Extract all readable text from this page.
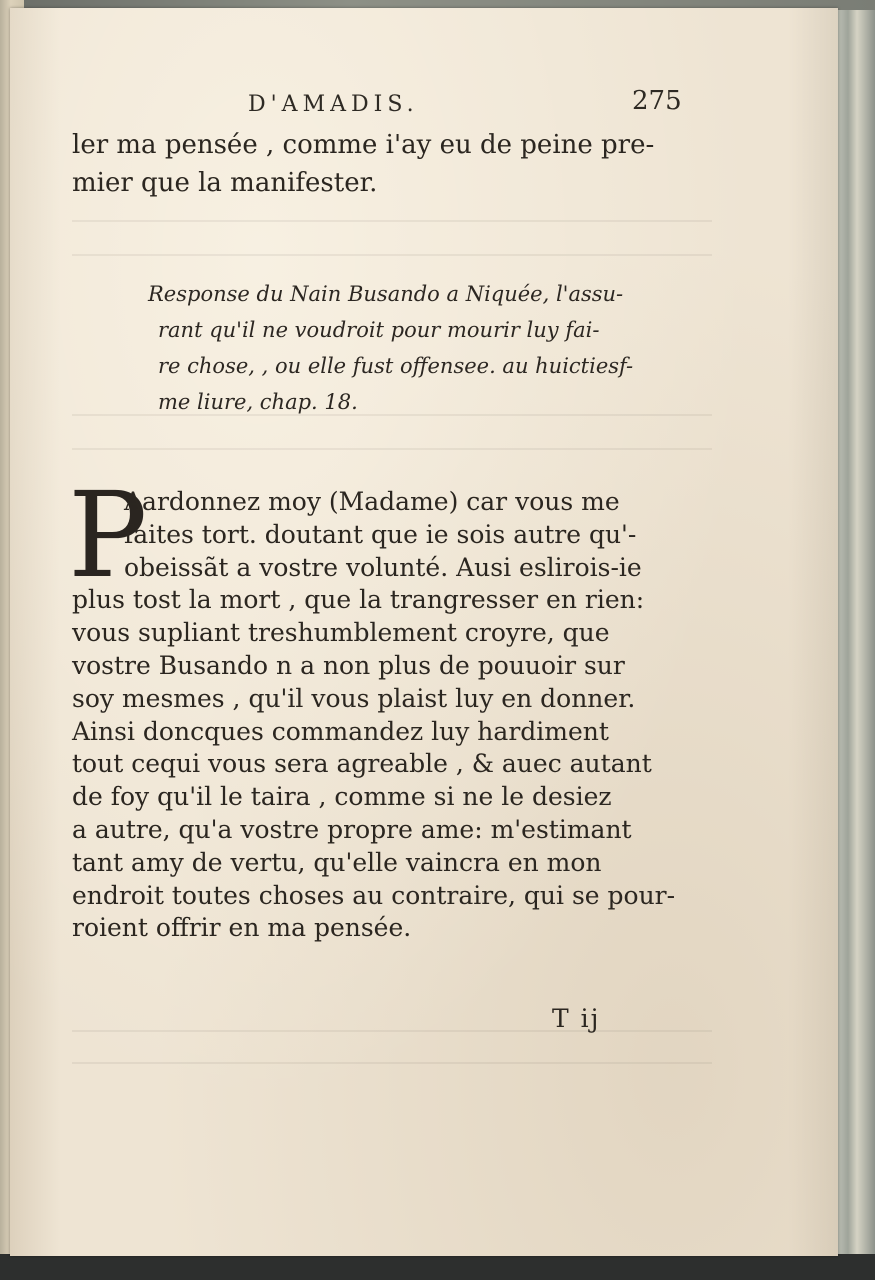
D'AMADIS.	275
ler ma pensée , comme i'ay eu de peine pre-
mier que la manifester.
Response du Nain Busando a Niquée, l'assu-
rant qu'il ne voudroit pour mourir luy fai-
re chose, , ou elle fust offensee. au huictiesf-
me liure, chap. 18.
P
Aardonnez moy (Madame) car vous me
faites tort. doutant que ie sois autre qu'-
obeissãt a vostre volunté. Ausi eslirois-ie
plus tost la mort , que la trangresser en rien:
vous supliant treshumblement croyre, que
vostre Busando n a non plus de pouuoir sur
soy mesmes , qu'il vous plaist luy en donner.
Ainsi doncques commandez luy hardiment
tout cequi vous sera agreable , & auec autant
de foy qu'il le taira , comme si ne le desiez
a autre, qu'a vostre propre ame: m'estimant
tant amy de vertu, qu'elle vaincra en mon
endroit toutes choses au contraire, qui se pour-
roient offrir en ma pensée.
T ij
